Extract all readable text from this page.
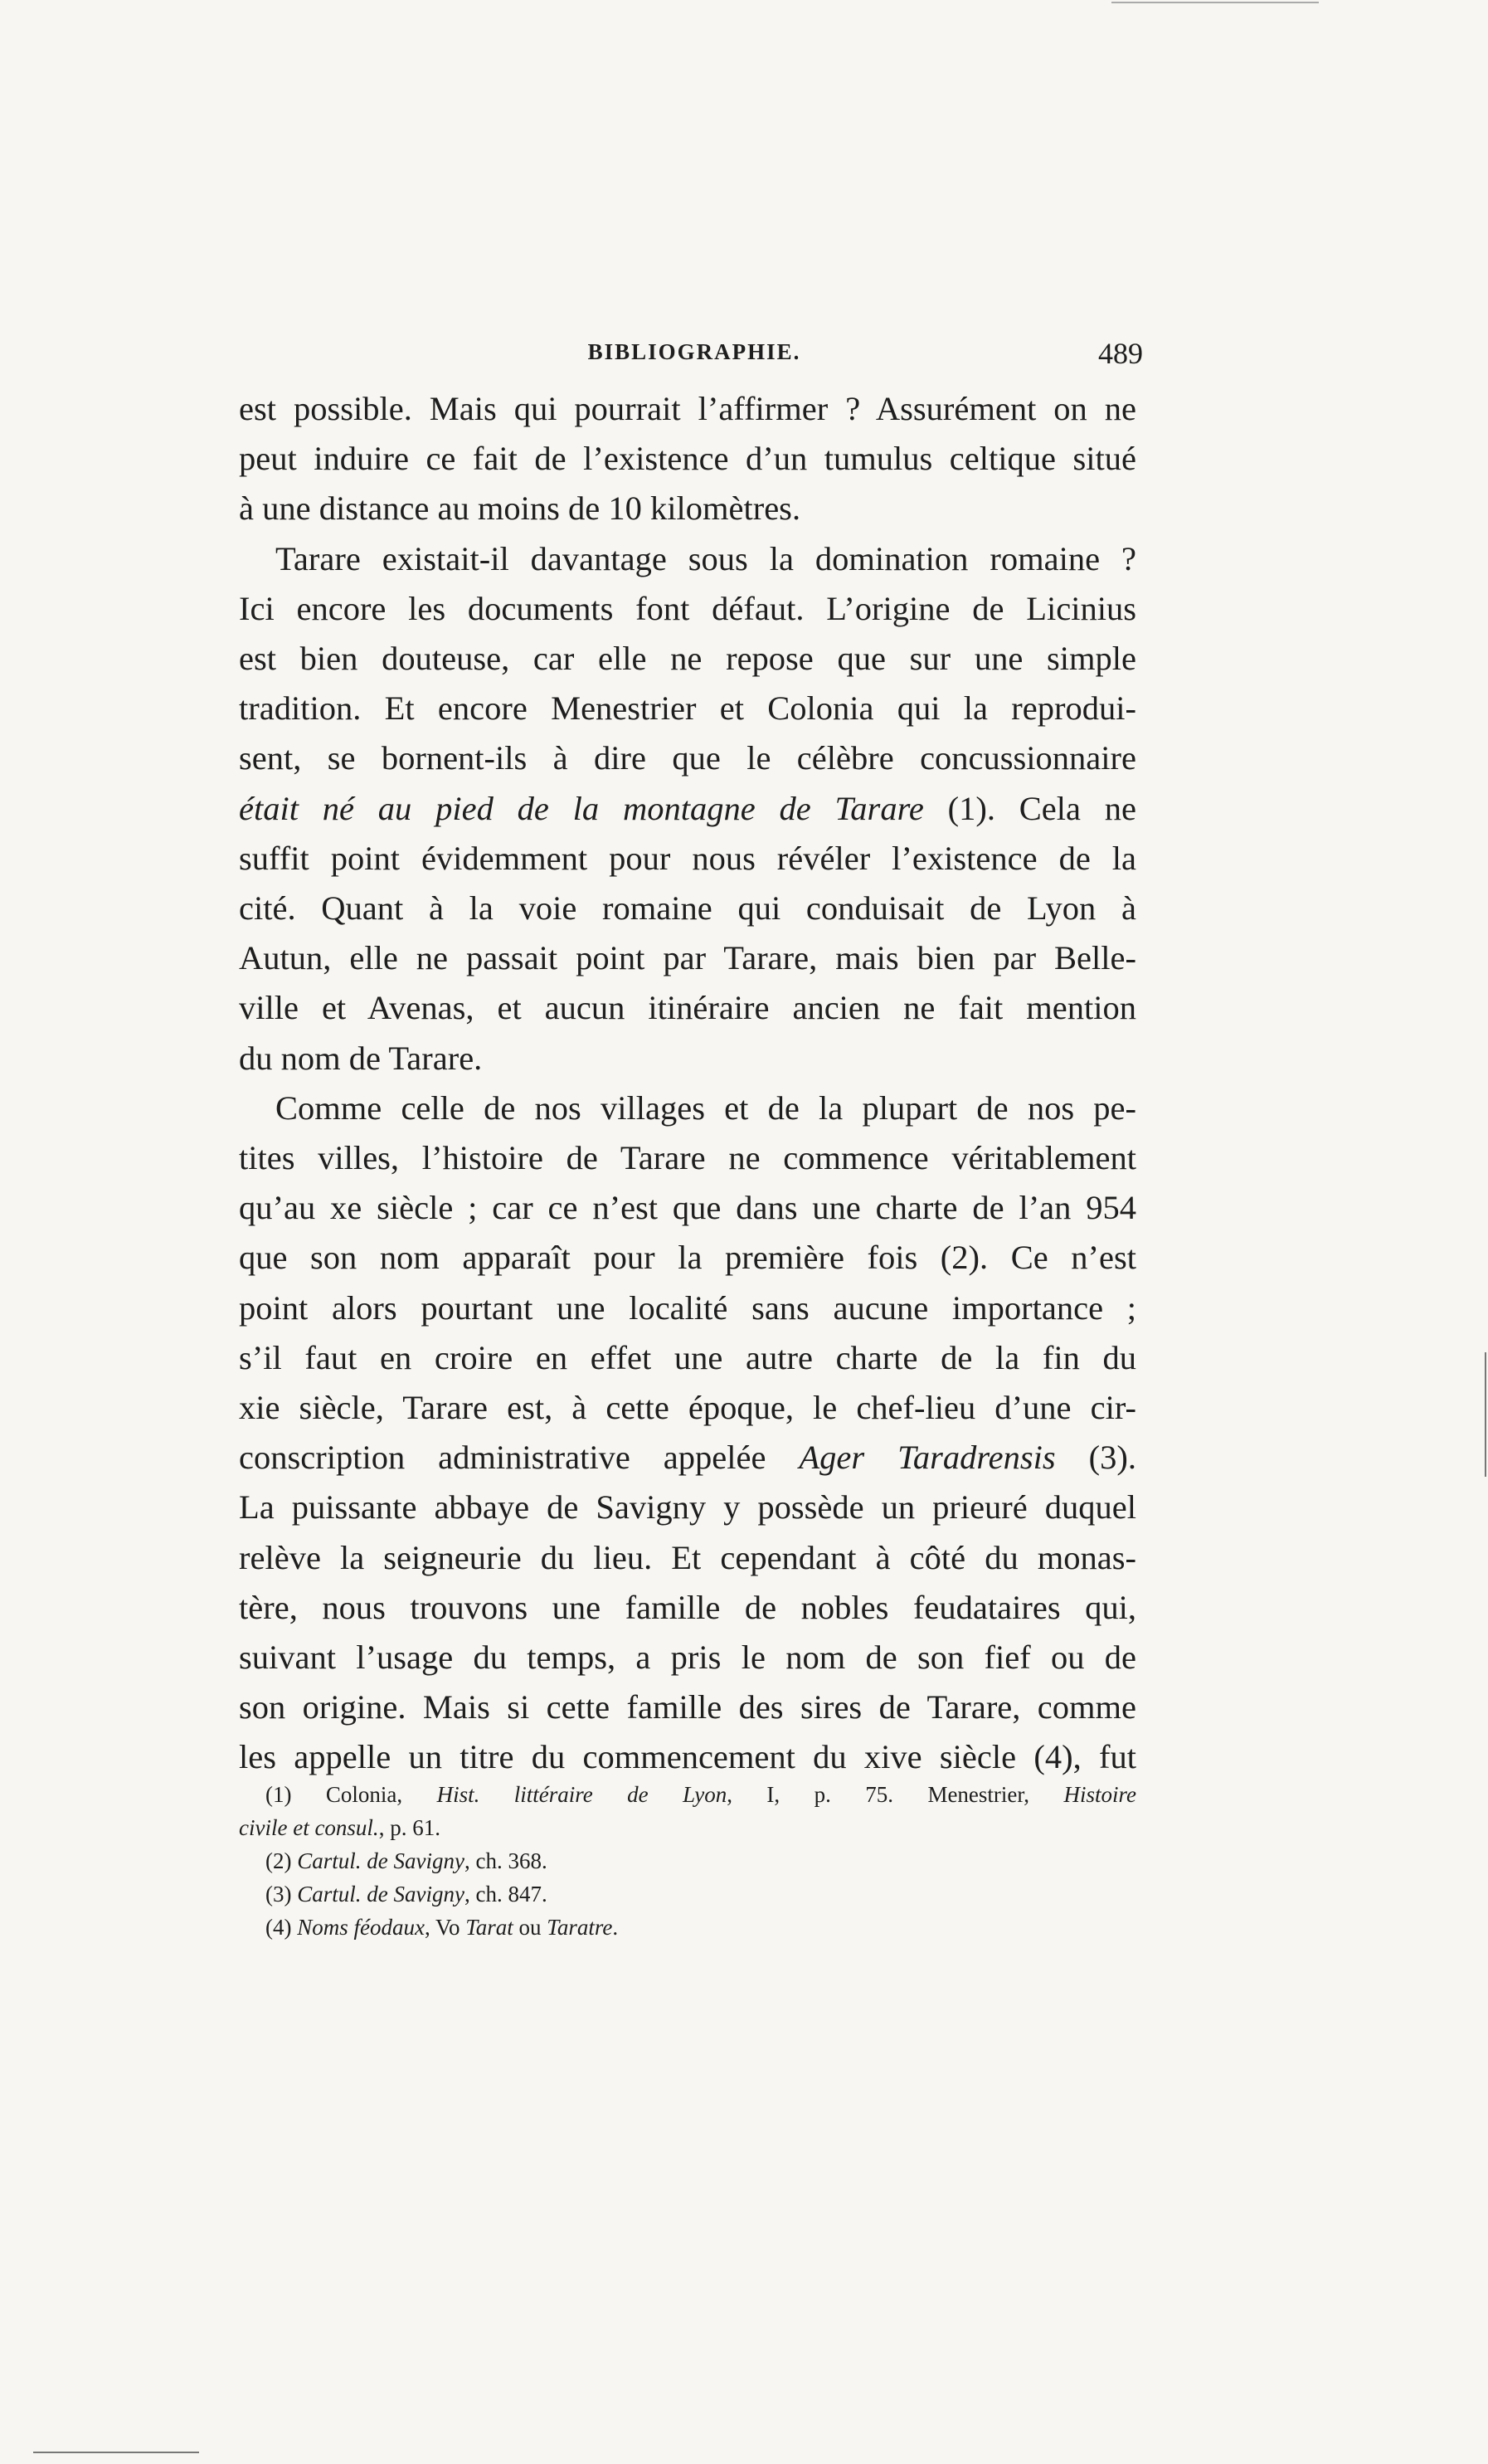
BIBLIOGRAPHIE.	489

est possible. Mais qui pourrait l’affirmer ? Assurément on ne
peut induire ce fait de l’existence d’un tumulus celtique situé
à une distance au moins de 10 kilomètres.

Tarare existait-il davantage sous la domination romaine ?
Ici encore les documents font défaut. L’origine de Licinius
est bien douteuse, car elle ne repose que sur une simple
tradition. Et encore Menestrier et Colonia qui la reprodui-
sent, se bornent-ils à dire que le célèbre concussionnaire
était né au pied de la montagne de Tarare (1). Cela ne
suffit point évidemment pour nous révéler l’existence de la
cité. Quant à la voie romaine qui conduisait de Lyon à
Autun, elle ne passait point par Tarare, mais bien par Belle-
ville et Avenas, et aucun itinéraire ancien ne fait mention
du nom de Tarare.

Comme celle de nos villages et de la plupart de nos pe-
tites villes, l’histoire de Tarare ne commence véritablement
qu’au xe siècle ; car ce n’est que dans une charte de l’an 954
que son nom apparaît pour la première fois (2). Ce n’est
point alors pourtant une localité sans aucune importance ;
s’il faut en croire en effet une autre charte de la fin du
xie siècle, Tarare est, à cette époque, le chef-lieu d’une cir-
conscription administrative appelée Ager Taradrensis (3).
La puissante abbaye de Savigny y possède un prieuré duquel
relève la seigneurie du lieu. Et cependant à côté du monas-
tère, nous trouvons une famille de nobles feudataires qui,
suivant l’usage du temps, a pris le nom de son fief ou de
son origine. Mais si cette famille des sires de Tarare, comme
les appelle un titre du commencement du xive siècle (4), fut

(1) Colonia, Hist. littéraire de Lyon, I, p. 75. Menestrier, Histoire
civile et consul., p. 61.
(2) Cartul. de Savigny, ch. 368.
(3) Cartul. de Savigny, ch. 847.
(4) Noms féodaux, Vo Tarat ou Taratre.
